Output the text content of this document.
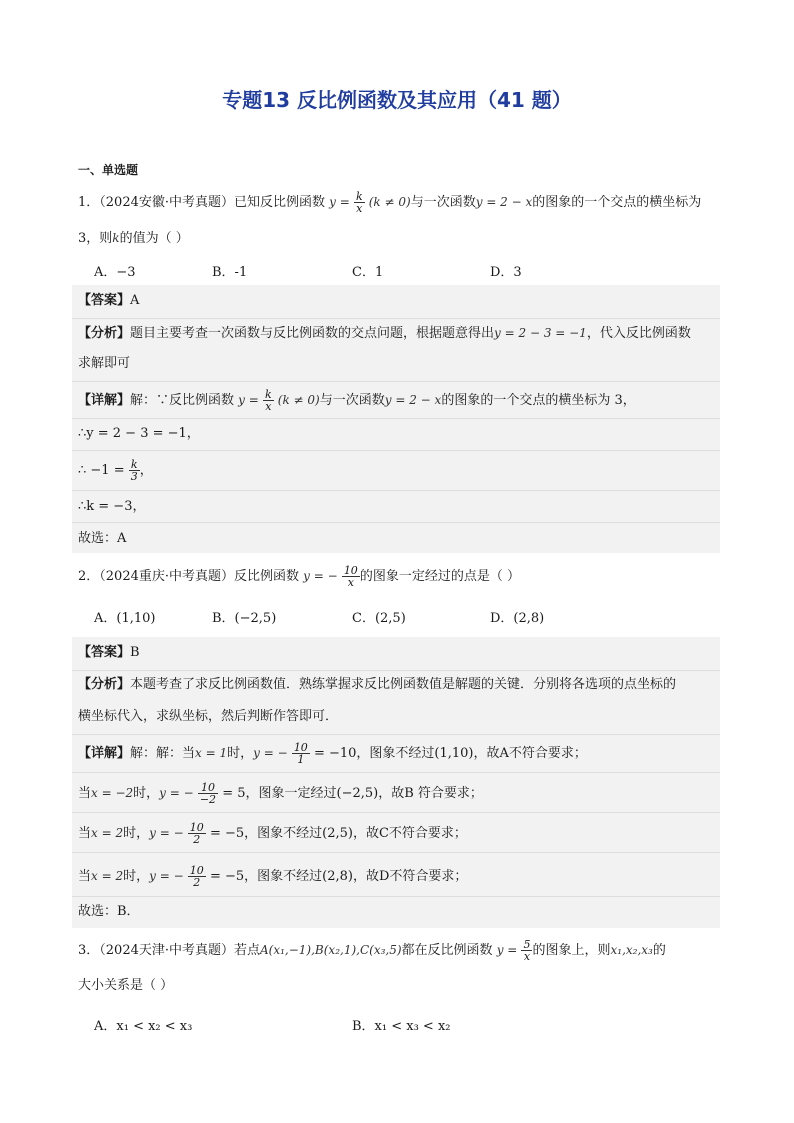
专题13 反比例函数及其应用（41 题）
一、单选题
1．（2024安徽·中考真题）已知反比例函数 $y = \frac{k}{x} (k \ne 0)$与一次函数y = 2 − x的图象的一个交点的横坐标为
3，则k的值为（ ）
A．−3	B．-1	C．1	D．3
【答案】A
【分析】题目主要考查一次函数与反比例函数的交点问题，根据题意得出y = 2 − 3 = −1，代入反比例函数
求解即可
【详解】解：∵反比例函数 $y = \frac{k}{x} (k \ne 0)$与一次函数y = 2 − x的图象的一个交点的横坐标为 3，
∴y = 2 − 3 = −1，
∴ $-1 = \frac{k}{3}$ ，
∴k = −3，
故选：A
2．（2024重庆·中考真题）反比例函数 y = − $\frac{10}{x}$ 的图象一定经过的点是（ ）
A．(1,10)	B．(−2,5)	C．(2,5)	D．(2,8)
【答案】B
【分析】本题考查了求反比例函数值．熟练掌握求反比例函数值是解题的关键．分别将各选项的点坐标的
横坐标代入，求纵坐标，然后判断作答即可．
【详解】解：解：当x = 1时，y = − $\frac{10}{1} = -10$，图象不经过(1,10)，故A不符合要求；
当x = −2时，y = − $\frac{10}{-2} = 5$，图象一定经过(−2,5)，故B 符合要求；
当x = 2时，y = − $\frac{10}{2} = -5$，图象不经过(2,5)，故C不符合要求；
当x = 2时，y = − $\frac{10}{2} = -5$，图象不经过(2,8)，故D不符合要求；
故选：B．
3．（2024天津·中考真题）若点A(x₁,−1),B(x₂,1),C(x₃,5)都在反比例函数 $y = \frac{5}{x}$ 的图象上，则x₁,x₂,x₃的
大小关系是（ ）
A．x₁ < x₂ < x₃	B．x₁ < x₃ < x₂
